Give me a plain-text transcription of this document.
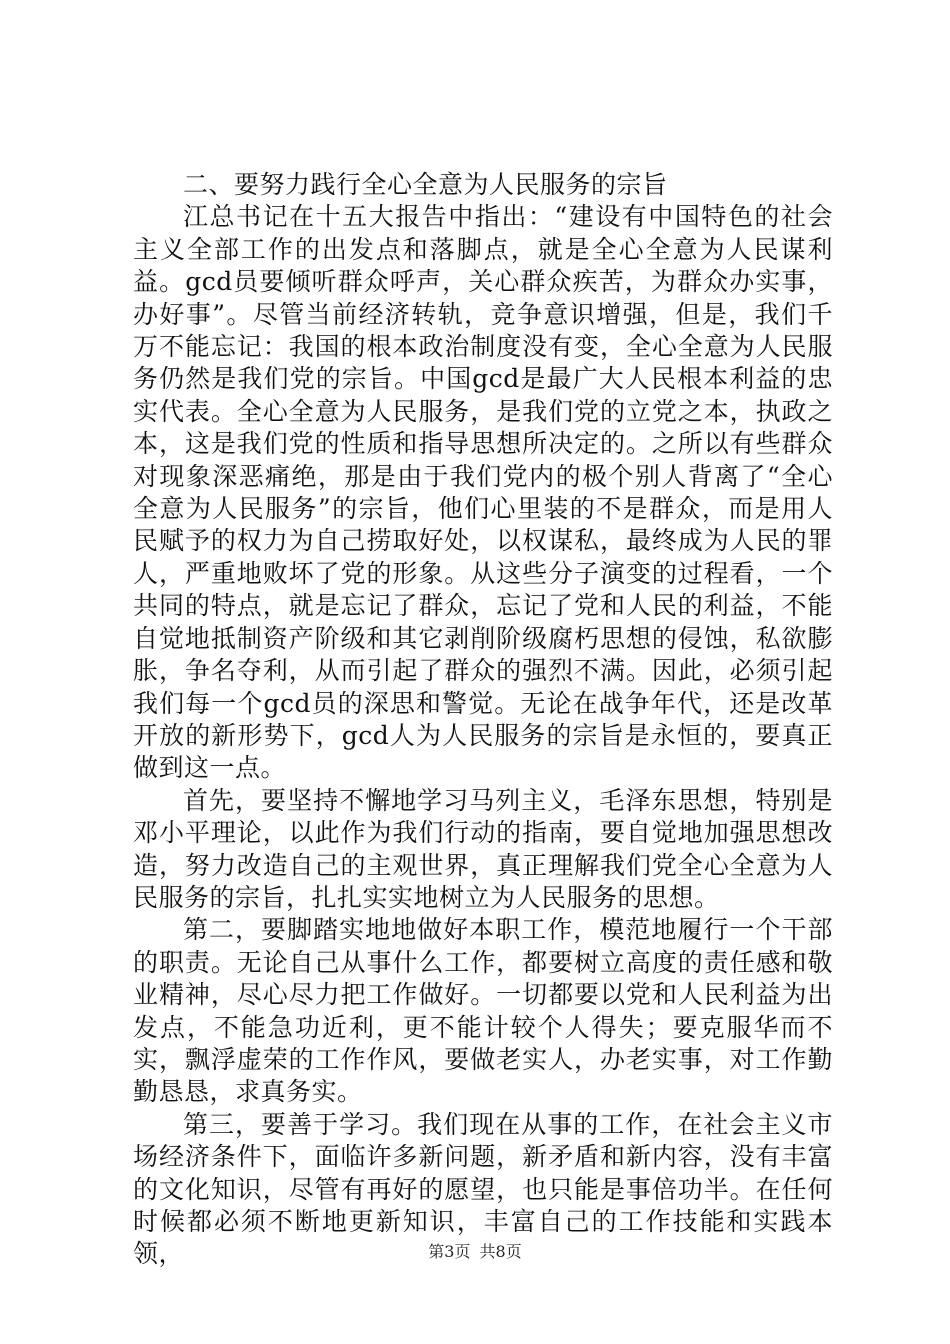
二、要努力践行全心全意为人民服务的宗旨

江总书记在十五大报告中指出：“建设有中国特色的社会主义全部工作的出发点和落脚点，就是全心全意为人民谋利益。gcd员要倾听群众呼声，关心群众疾苦，为群众办实事，办好事”。尽管当前经济转轨，竞争意识增强，但是，我们千万不能忘记：我国的根本政治制度没有变，全心全意为人民服务仍然是我们党的宗旨。中国gcd是最广大人民根本利益的忠实代表。全心全意为人民服务，是我们党的立党之本，执政之本，这是我们党的性质和指导思想所决定的。之所以有些群众对现象深恶痛绝，那是由于我们党内的极个别人背离了“全心全意为人民服务”的宗旨，他们心里装的不是群众，而是用人民赋予的权力为自己捞取好处，以权谋私，最终成为人民的罪人，严重地败坏了党的形象。从这些分子演变的过程看，一个共同的特点，就是忘记了群众，忘记了党和人民的利益，不能自觉地抵制资产阶级和其它剥削阶级腐朽思想的侵蚀，私欲膨胀，争名夺利，从而引起了群众的强烈不满。因此，必须引起我们每一个gcd员的深思和警觉。无论在战争年代，还是改革开放的新形势下，gcd人为人民服务的宗旨是永恒的，要真正做到这一点。

首先，要坚持不懈地学习马列主义，毛泽东思想，特别是邓小平理论，以此作为我们行动的指南，要自觉地加强思想改造，努力改造自己的主观世界，真正理解我们党全心全意为人民服务的宗旨，扎扎实实地树立为人民服务的思想。

第二，要脚踏实地地做好本职工作，模范地履行一个干部的职责。无论自己从事什么工作，都要树立高度的责任感和敬业精神，尽心尽力把工作做好。一切都要以党和人民利益为出发点，不能急功近利，更不能计较个人得失；要克服华而不实，飘浮虚荣的工作作风，要做老实人，办老实事，对工作勤勤恳恳，求真务实。

第三，要善于学习。我们现在从事的工作，在社会主义市场经济条件下，面临许多新问题，新矛盾和新内容，没有丰富的文化知识，尽管有再好的愿望，也只能是事倍功半。在任何时候都必须不断地更新知识，丰富自己的工作技能和实践本领，	第3页 共8页
